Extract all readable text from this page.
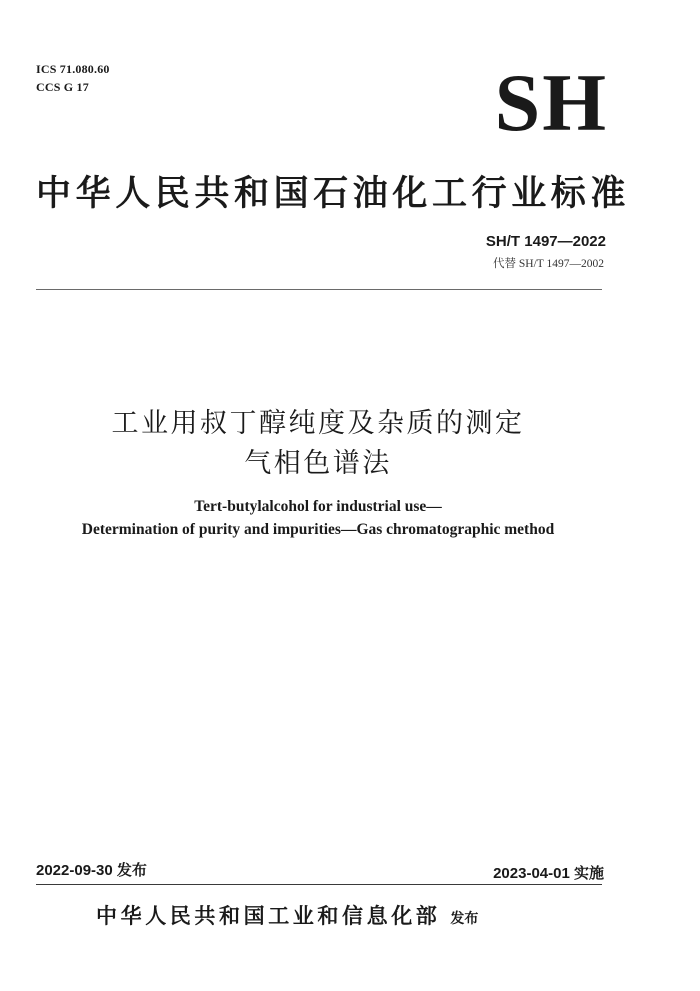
ICS 71.080.60
CCS G 17	SH
中华人民共和国石油化工行业标准
SH/T 1497—2022
代替 SH/T 1497—2002
工业用叔丁醇纯度及杂质的测定
气相色谱法
Tert-butylalcohol for industrial use—
Determination of purity and impurities—Gas chromatographic method
2022-09-30 发布	2023-04-01 实施
中华人民共和国工业和信息化部 发布
